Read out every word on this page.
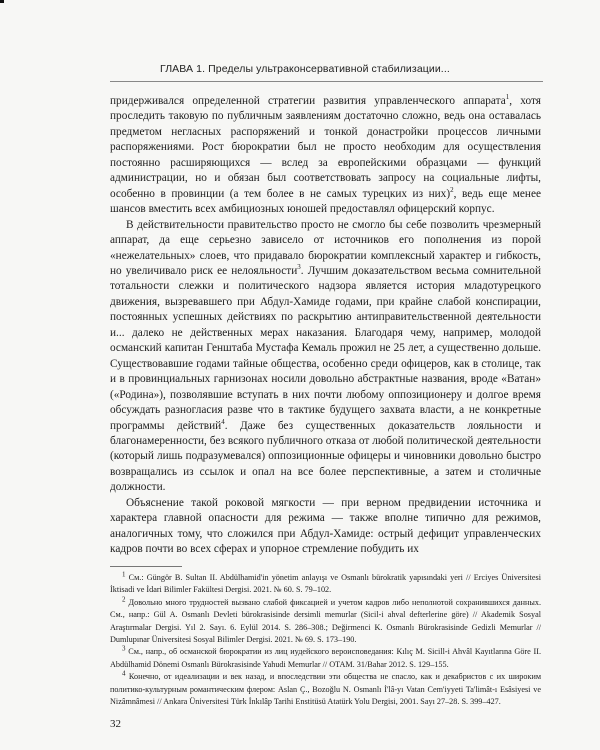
ГЛАВА 1. Пределы ультраконсервативной стабилизации...

придерживался определенной стратегии развития управленческого аппарата$^1$, хотя проследить таковую по публичным заявлениям достаточно сложно, ведь она оставалась предметом негласных распоряжений и тонкой донастройки процессов личными распоряжениями. Рост бюрократии был не просто необходим для осуществления постоянно расширяющихся — вслед за европейскими образцами — функций администрации, но и обязан был соответствовать запросу на социальные лифты, особенно в провинции (а тем более в не самых турецких из них)$^2$, ведь еще менее шансов вместить всех амбициозных юношей предоставлял офицерский корпус.

В действительности правительство просто не смогло бы себе позволить чрезмерный аппарат, да еще серьезно зависело от источников его пополнения из порой «нежелательных» слоев, что придавало бюрократии комплексный характер и гибкость, но увеличивало риск ее нелояльности$^3$. Лучшим доказательством весьма сомнительной тотальности слежки и политического надзора является история младотурецкого движения, вызревавшего при Абдул-Хамиде годами, при крайне слабой конспирации, постоянных успешных действиях по раскрытию антиправительственной деятельности и... далеко не действенных мерах наказания. Благодаря чему, например, молодой османский капитан Генштаба Мустафа Кемаль прожил не 25 лет, а существенно дольше. Существовавшие годами тайные общества, особенно среди офицеров, как в столице, так и в провинциальных гарнизонах носили довольно абстрактные названия, вроде «Ватан» («Родина»), позволявшие вступать в них почти любому оппозиционеру и долгое время обсуждать разногласия разве что в тактике будущего захвата власти, а не конкретные программы действий$^4$. Даже без существенных доказательств лояльности и благонамеренности, без всякого публичного отказа от любой политической деятельности (который лишь подразумевался) оппозиционные офицеры и чиновники довольно быстро возвращались из ссылок и опал на все более перспективные, а затем и столичные должности.

Объяснение такой роковой мягкости — при верном предвидении источника и характера главной опасности для режима — также вполне типично для режимов, аналогичных тому, что сложился при Абдул-Хамиде: острый дефицит управленческих кадров почти во всех сферах и упорное стремление побудить их

$^1$ См.: Güngör B. Sultan II. Abdülhamid'in yönetim anlayışı ve Osmanlı bürokratik yapısındaki yeri // Erciyes Üniversitesi İktisadi ve İdari Bilimler Fakültesi Dergisi. 2021. № 60. S. 79–102.

$^2$ Довольно много трудностей вызвано слабой фиксацией и учетом кадров либо неполнотой сохранившихся данных. См., напр.: Gül A. Osmanlı Devleti bürokrasisinde dersimli memurlar (Sicil-i ahval defterlerine göre) // Akademik Sosyal Araştırmalar Dergisi. Yıl 2. Sayı. 6. Eylül 2014. S. 286–308.; Değirmenci K. Osmanlı Bürokrasisinde Gedizli Memurlar // Dumlupınar Üniversitesi Sosyal Bilimler Dergisi. 2021. № 69. S. 173–190.

$^3$ См., напр., об османской бюрократии из лиц иудейского вероисповедания: Kılıç M. Sicill-i Ahvâl Kayıtlarına Göre II. Abdülhamid Dönemi Osmanlı Bürokrasisinde Yahudi Memurlar // OTAM. 31/Bahar 2012. S. 129–155.

$^4$ Конечно, от идеализации и век назад, и впоследствии эти общества не спасло, как и декабристов с их широким политико-культурным романтическим флером: Aslan Ç., Bozoğlu N. Osmanlı İ'lâ-yı Vatan Cem'iyyeti Ta'limât-ı Esâsiyesi ve Nizâmnâmesi // Ankara Üniversitesi Türk İnkılâp Tarihi Enstitüsü Atatürk Yolu Dergisi, 2001. Sayı 27–28. S. 399–427.

32
